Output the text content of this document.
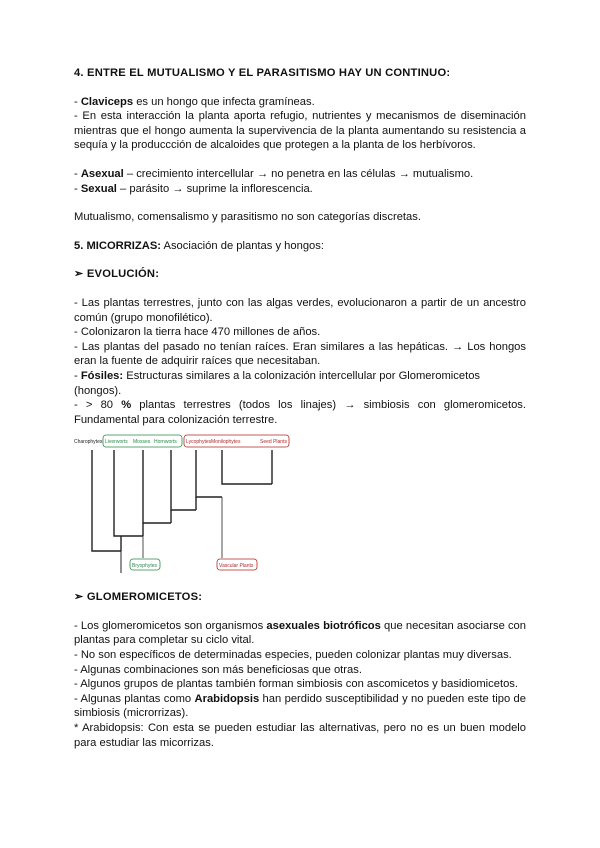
4. ENTRE EL MUTUALISMO Y EL PARASITISMO HAY UN CONTINUO:

- Claviceps es un hongo que infecta gramíneas.

- En esta interacción la planta aporta refugio, nutrientes y mecanismos de diseminación mientras que el hongo aumenta la supervivencia de la planta aumentando su resistencia a sequía y la produccción de alcaloides que protegen a la planta de los herbívoros.

- Asexual – crecimiento intercellular → no penetra en las células → mutualismo.

- Sexual – parásito → suprime la inflorescencia.

Mutualismo, comensalismo y parasitismo no son categorías discretas.

5. MICORRIZAS: Asociación de plantas y hongos:

➢ EVOLUCIÓN:

- Las plantas terrestres, junto con las algas verdes, evolucionaron a partir de un ancestro común (grupo monofilético).

- Colonizaron la tierra hace 470 millones de años.

- Las plantas del pasado no tenían raíces. Eran similares a las hepáticas. → Los hongos eran la fuente de adquirir raíces que necesitaban.

- Fósiles: Estructuras similares a la colonización intercellular por Glomeromicetos (hongos).

- > 80 % plantas terrestres (todos los linajes) → simbiosis con glomeromicetos. Fundamental para colonización terrestre.

Charophytes Liverworts Mosses Hornworts Lycophytes Monilophytes	Seed Plants
Bryophytes	Vascular Plants

➢ GLOMEROMICETOS:

- Los glomeromicetos son organismos asexuales biotróficos que necesitan asociarse con plantas para completar su ciclo vital.

- No son específicos de determinadas especies, pueden colonizar plantas muy diversas.

- Algunas combinaciones son más beneficiosas que otras.

- Algunos grupos de plantas también forman simbiosis con ascomicetos y basidiomicetos.

- Algunas plantas como Arabidopsis han perdido susceptibilidad y no pueden este tipo de simbiosis (microrrizas).

* Arabidopsis: Con esta se pueden estudiar las alternativas, pero no es un buen modelo para estudiar las micorrizas.
